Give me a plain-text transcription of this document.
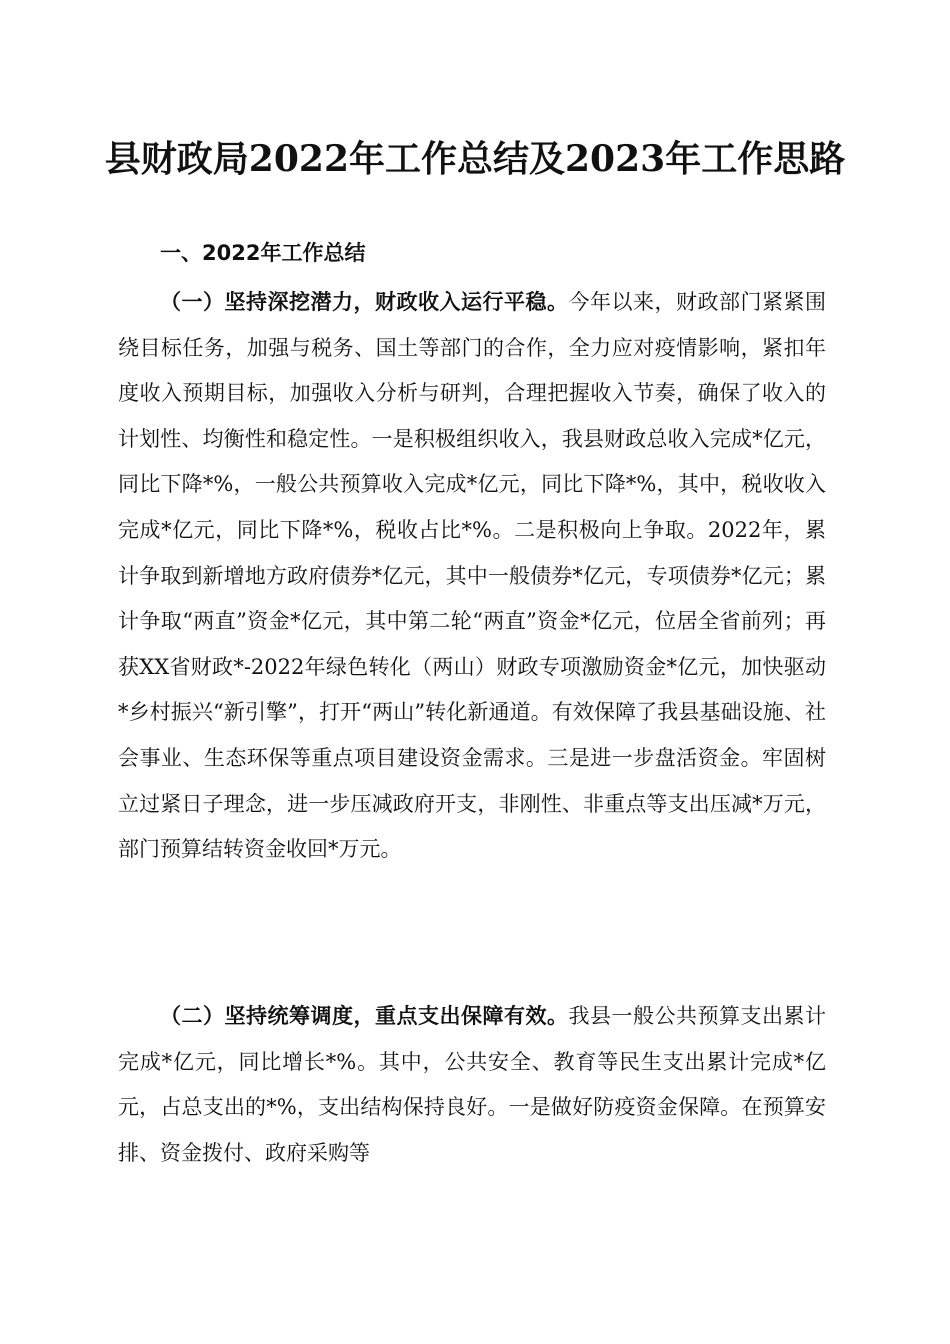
县财政局2022年工作总结及2023年工作思路
一、2022年工作总结

（一）坚持深挖潜力，财政收入运行平稳。今年以来，财政部门紧紧围绕目标任务，加强与税务、国土等部门的合作，全力应对疫情影响，紧扣年度收入预期目标，加强收入分析与研判，合理把握收入节奏，确保了收入的计划性、均衡性和稳定性。一是积极组织收入，我县财政总收入完成*亿元，同比下降*%，一般公共预算收入完成*亿元，同比下降*%，其中，税收收入完成*亿元，同比下降*%，税收占比*%。二是积极向上争取。2022年，累计争取到新增地方政府债券*亿元，其中一般债券*亿元，专项债券*亿元；累计争取“两直”资金*亿元，其中第二轮“两直”资金*亿元，位居全省前列；再获XX省财政*-2022年绿色转化（两山）财政专项激励资金*亿元，加快驱动*乡村振兴“新引擎”，打开“两山”转化新通道。有效保障了我县基础设施、社会事业、生态环保等重点项目建设资金需求。三是进一步盘活资金。牢固树立过紧日子理念，进一步压减政府开支，非刚性、非重点等支出压减*万元，部门预算结转资金收回*万元。

（二）坚持统筹调度，重点支出保障有效。我县一般公共预算支出累计完成*亿元，同比增长*%。其中，公共安全、教育等民生支出累计完成*亿元，占总支出的*%，支出结构保持良好。一是做好防疫资金保障。在预算安排、资金拨付、政府采购等
